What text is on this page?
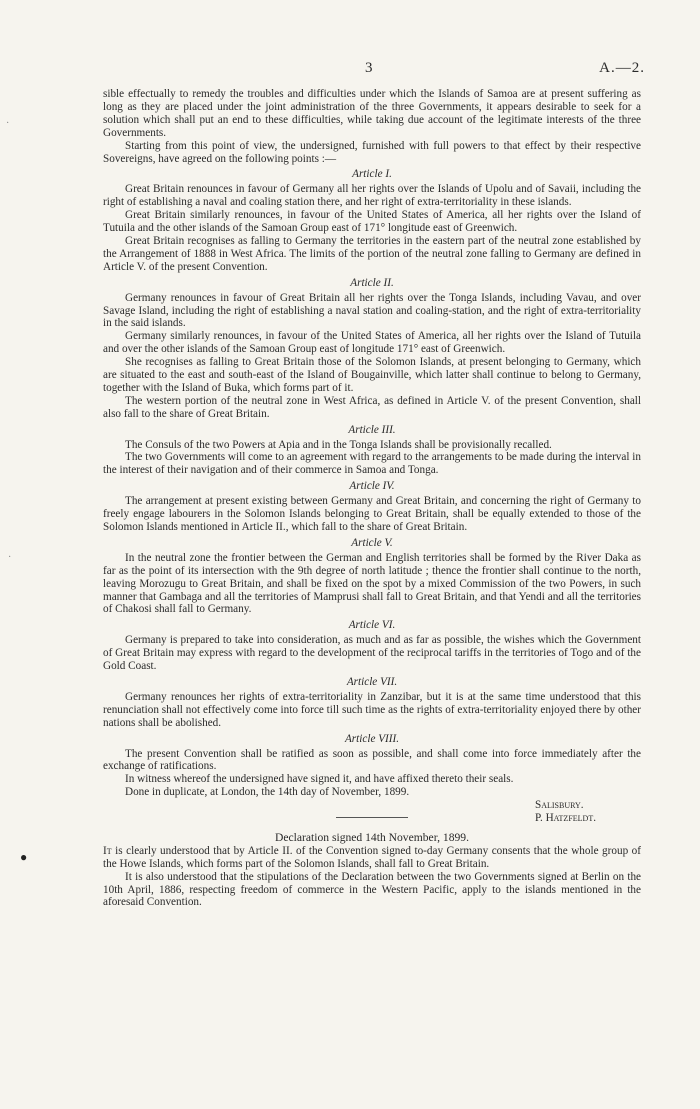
3	A.—2.

sible effectually to remedy the troubles and difficulties under which the Islands of Samoa are at present suffering as long as they are placed under the joint administration of the three Governments, it appears desirable to seek for a solution which shall put an end to these difficulties, while taking due account of the legitimate interests of the three Governments.

Starting from this point of view, the undersigned, furnished with full powers to that effect by their respective Sovereigns, have agreed on the following points :—

Article I.

Great Britain renounces in favour of Germany all her rights over the Islands of Upolu and of Savaii, including the right of establishing a naval and coaling station there, and her right of extra-territoriality in these islands.

Great Britain similarly renounces, in favour of the United States of America, all her rights over the Island of Tutuila and the other islands of the Samoan Group east of 171° longitude east of Greenwich.

Great Britain recognises as falling to Germany the territories in the eastern part of the neutral zone established by the Arrangement of 1888 in West Africa. The limits of the portion of the neutral zone falling to Germany are defined in Article V. of the present Convention.

Article II.

Germany renounces in favour of Great Britain all her rights over the Tonga Islands, including Vavau, and over Savage Island, including the right of establishing a naval station and coaling-station, and the right of extra-territoriality in the said islands.

Germany similarly renounces, in favour of the United States of America, all her rights over the Island of Tutuila and over the other islands of the Samoan Group east of longitude 171° east of Greenwich.

She recognises as falling to Great Britain those of the Solomon Islands, at present belonging to Germany, which are situated to the east and south-east of the Island of Bougainville, which latter shall continue to belong to Germany, together with the Island of Buka, which forms part of it.

The western portion of the neutral zone in West Africa, as defined in Article V. of the present Convention, shall also fall to the share of Great Britain.

Article III.

The Consuls of the two Powers at Apia and in the Tonga Islands shall be provisionally recalled.

The two Governments will come to an agreement with regard to the arrangements to be made during the interval in the interest of their navigation and of their commerce in Samoa and Tonga.

Article IV.

The arrangement at present existing between Germany and Great Britain, and concerning the right of Germany to freely engage labourers in the Solomon Islands belonging to Great Britain, shall be equally extended to those of the Solomon Islands mentioned in Article II., which fall to the share of Great Britain.

Article V.

In the neutral zone the frontier between the German and English territories shall be formed by the River Daka as far as the point of its intersection with the 9th degree of north latitude ; thence the frontier shall continue to the north, leaving Morozugu to Great Britain, and shall be fixed on the spot by a mixed Commission of the two Powers, in such manner that Gambaga and all the territories of Mamprusi shall fall to Great Britain, and that Yendi and all the territories of Chakosi shall fall to Germany.

Article VI.

Germany is prepared to take into consideration, as much and as far as possible, the wishes which the Government of Great Britain may express with regard to the development of the reciprocal tariffs in the territories of Togo and of the Gold Coast.

Article VII.

Germany renounces her rights of extra-territoriality in Zanzibar, but it is at the same time understood that this renunciation shall not effectively come into force till such time as the rights of extra-territoriality enjoyed there by other nations shall be abolished.

Article VIII.

The present Convention shall be ratified as soon as possible, and shall come into force immediately after the exchange of ratifications.

In witness whereof the undersigned have signed it, and have affixed thereto their seals.

Done in duplicate, at London, the 14th day of November, 1899.

Salisbury.
P. Hatzfeldt.
Declaration signed 14th November, 1899.

It is clearly understood that by Article II. of the Convention signed to-day Germany consents that the whole group of the Howe Islands, which forms part of the Solomon Islands, shall fall to Great Britain.

It is also understood that the stipulations of the Declaration between the two Governments signed at Berlin on the 10th April, 1886, respecting freedom of commerce in the Western Pacific, apply to the islands mentioned in the aforesaid Convention.

·
●
·
